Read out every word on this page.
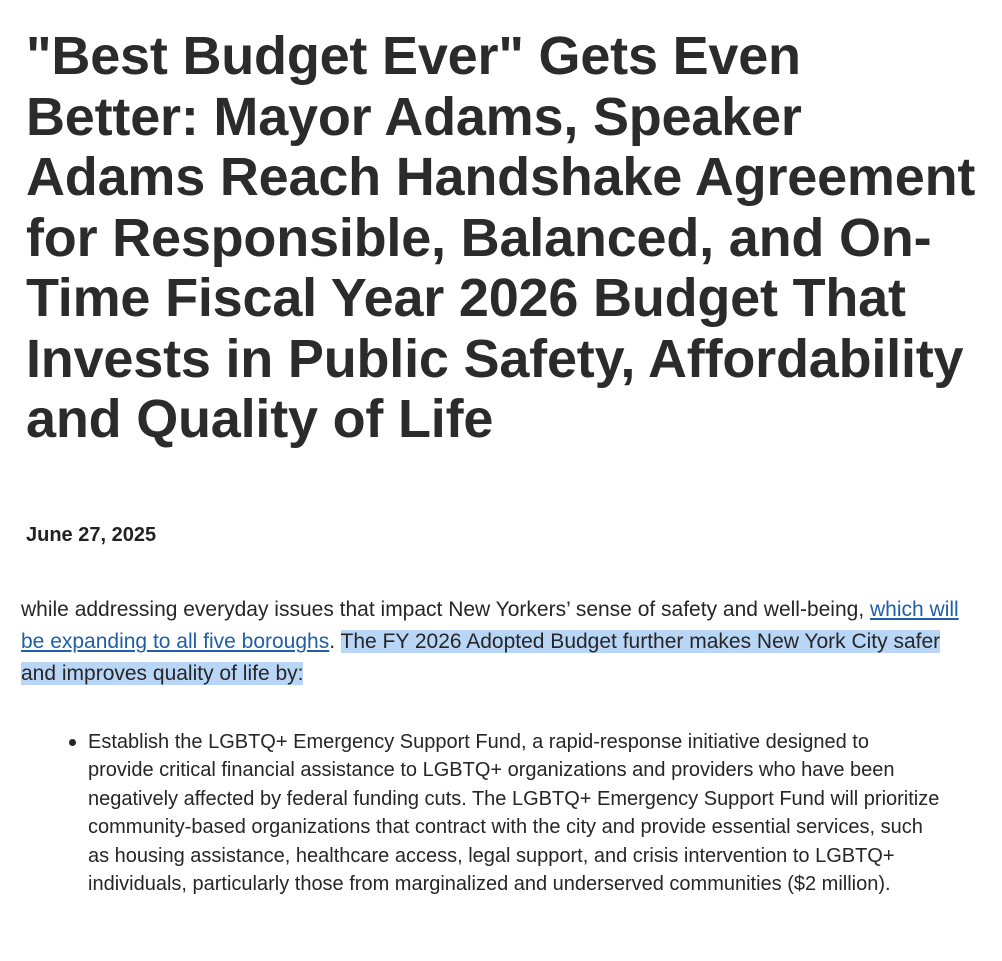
"Best Budget Ever" Gets Even Better: Mayor Adams, Speaker Adams Reach Handshake Agreement for Responsible, Balanced, and On-Time Fiscal Year 2026 Budget That Invests in Public Safety, Affordability and Quality of Life

June 27, 2025

while addressing everyday issues that impact New Yorkers’ sense of safety and well-being, which will be expanding to all five boroughs. The FY 2026 Adopted Budget further makes New York City safer and improves quality of life by:

Establish the LGBTQ+ Emergency Support Fund, a rapid-response initiative designed to provide critical financial assistance to LGBTQ+ organizations and providers who have been negatively affected by federal funding cuts. The LGBTQ+ Emergency Support Fund will prioritize community-based organizations that contract with the city and provide essential services, such as housing assistance, healthcare access, legal support, and crisis intervention to LGBTQ+ individuals, particularly those from marginalized and underserved communities ($2 million).
